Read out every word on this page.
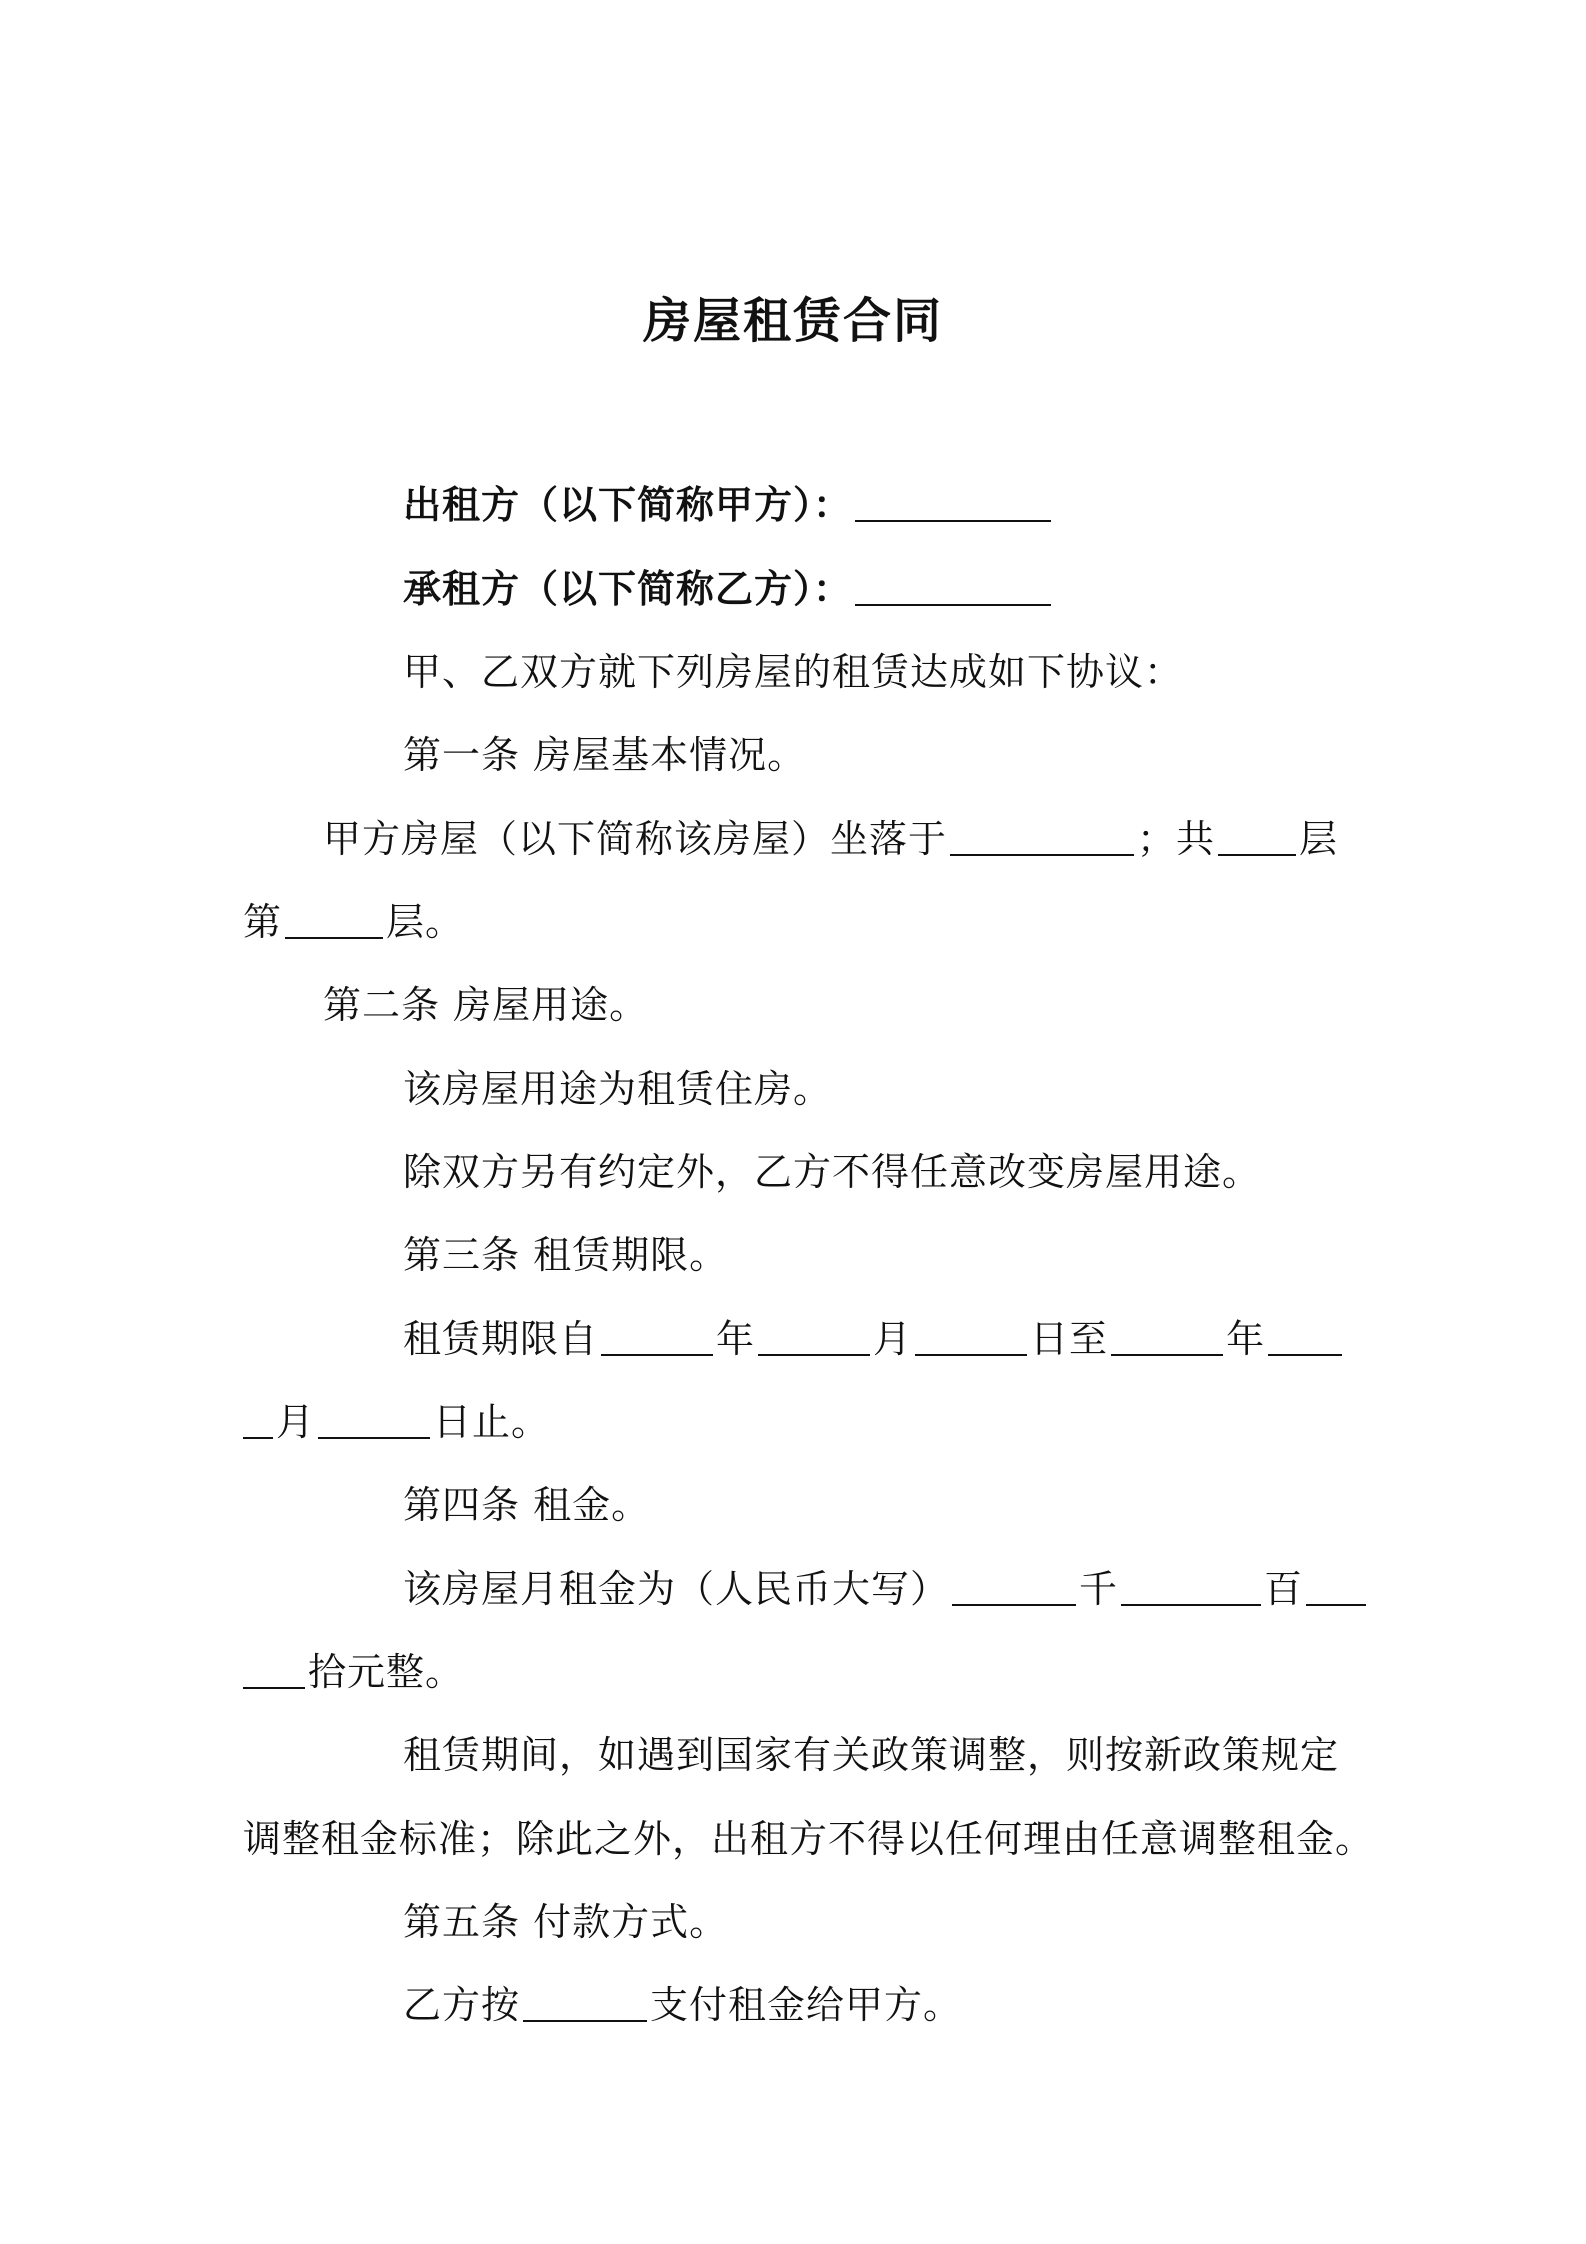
房屋租赁合同
出租方（以下简称甲方）：
承租方（以下简称乙方）：
甲、乙双方就下列房屋的租赁达成如下协议：
第一条 房屋基本情况。
甲方房屋（以下简称该房屋）坐落于	；共 层
第	层。
第二条 房屋用途。
该房屋用途为租赁住房。
除双方另有约定外，乙方不得任意改变房屋用途。
第三条 租赁期限。
租赁期限自	年	月	日至	年
月	日止。
第四条 租金。
该房屋月租金为（人民币大写）	千	百
拾元整。
租赁期间，如遇到国家有关政策调整，则按新政策规定
调整租金标准；除此之外，出租方不得以任何理由任意调整租金。
第五条 付款方式。
乙方按	支付租金给甲方。
